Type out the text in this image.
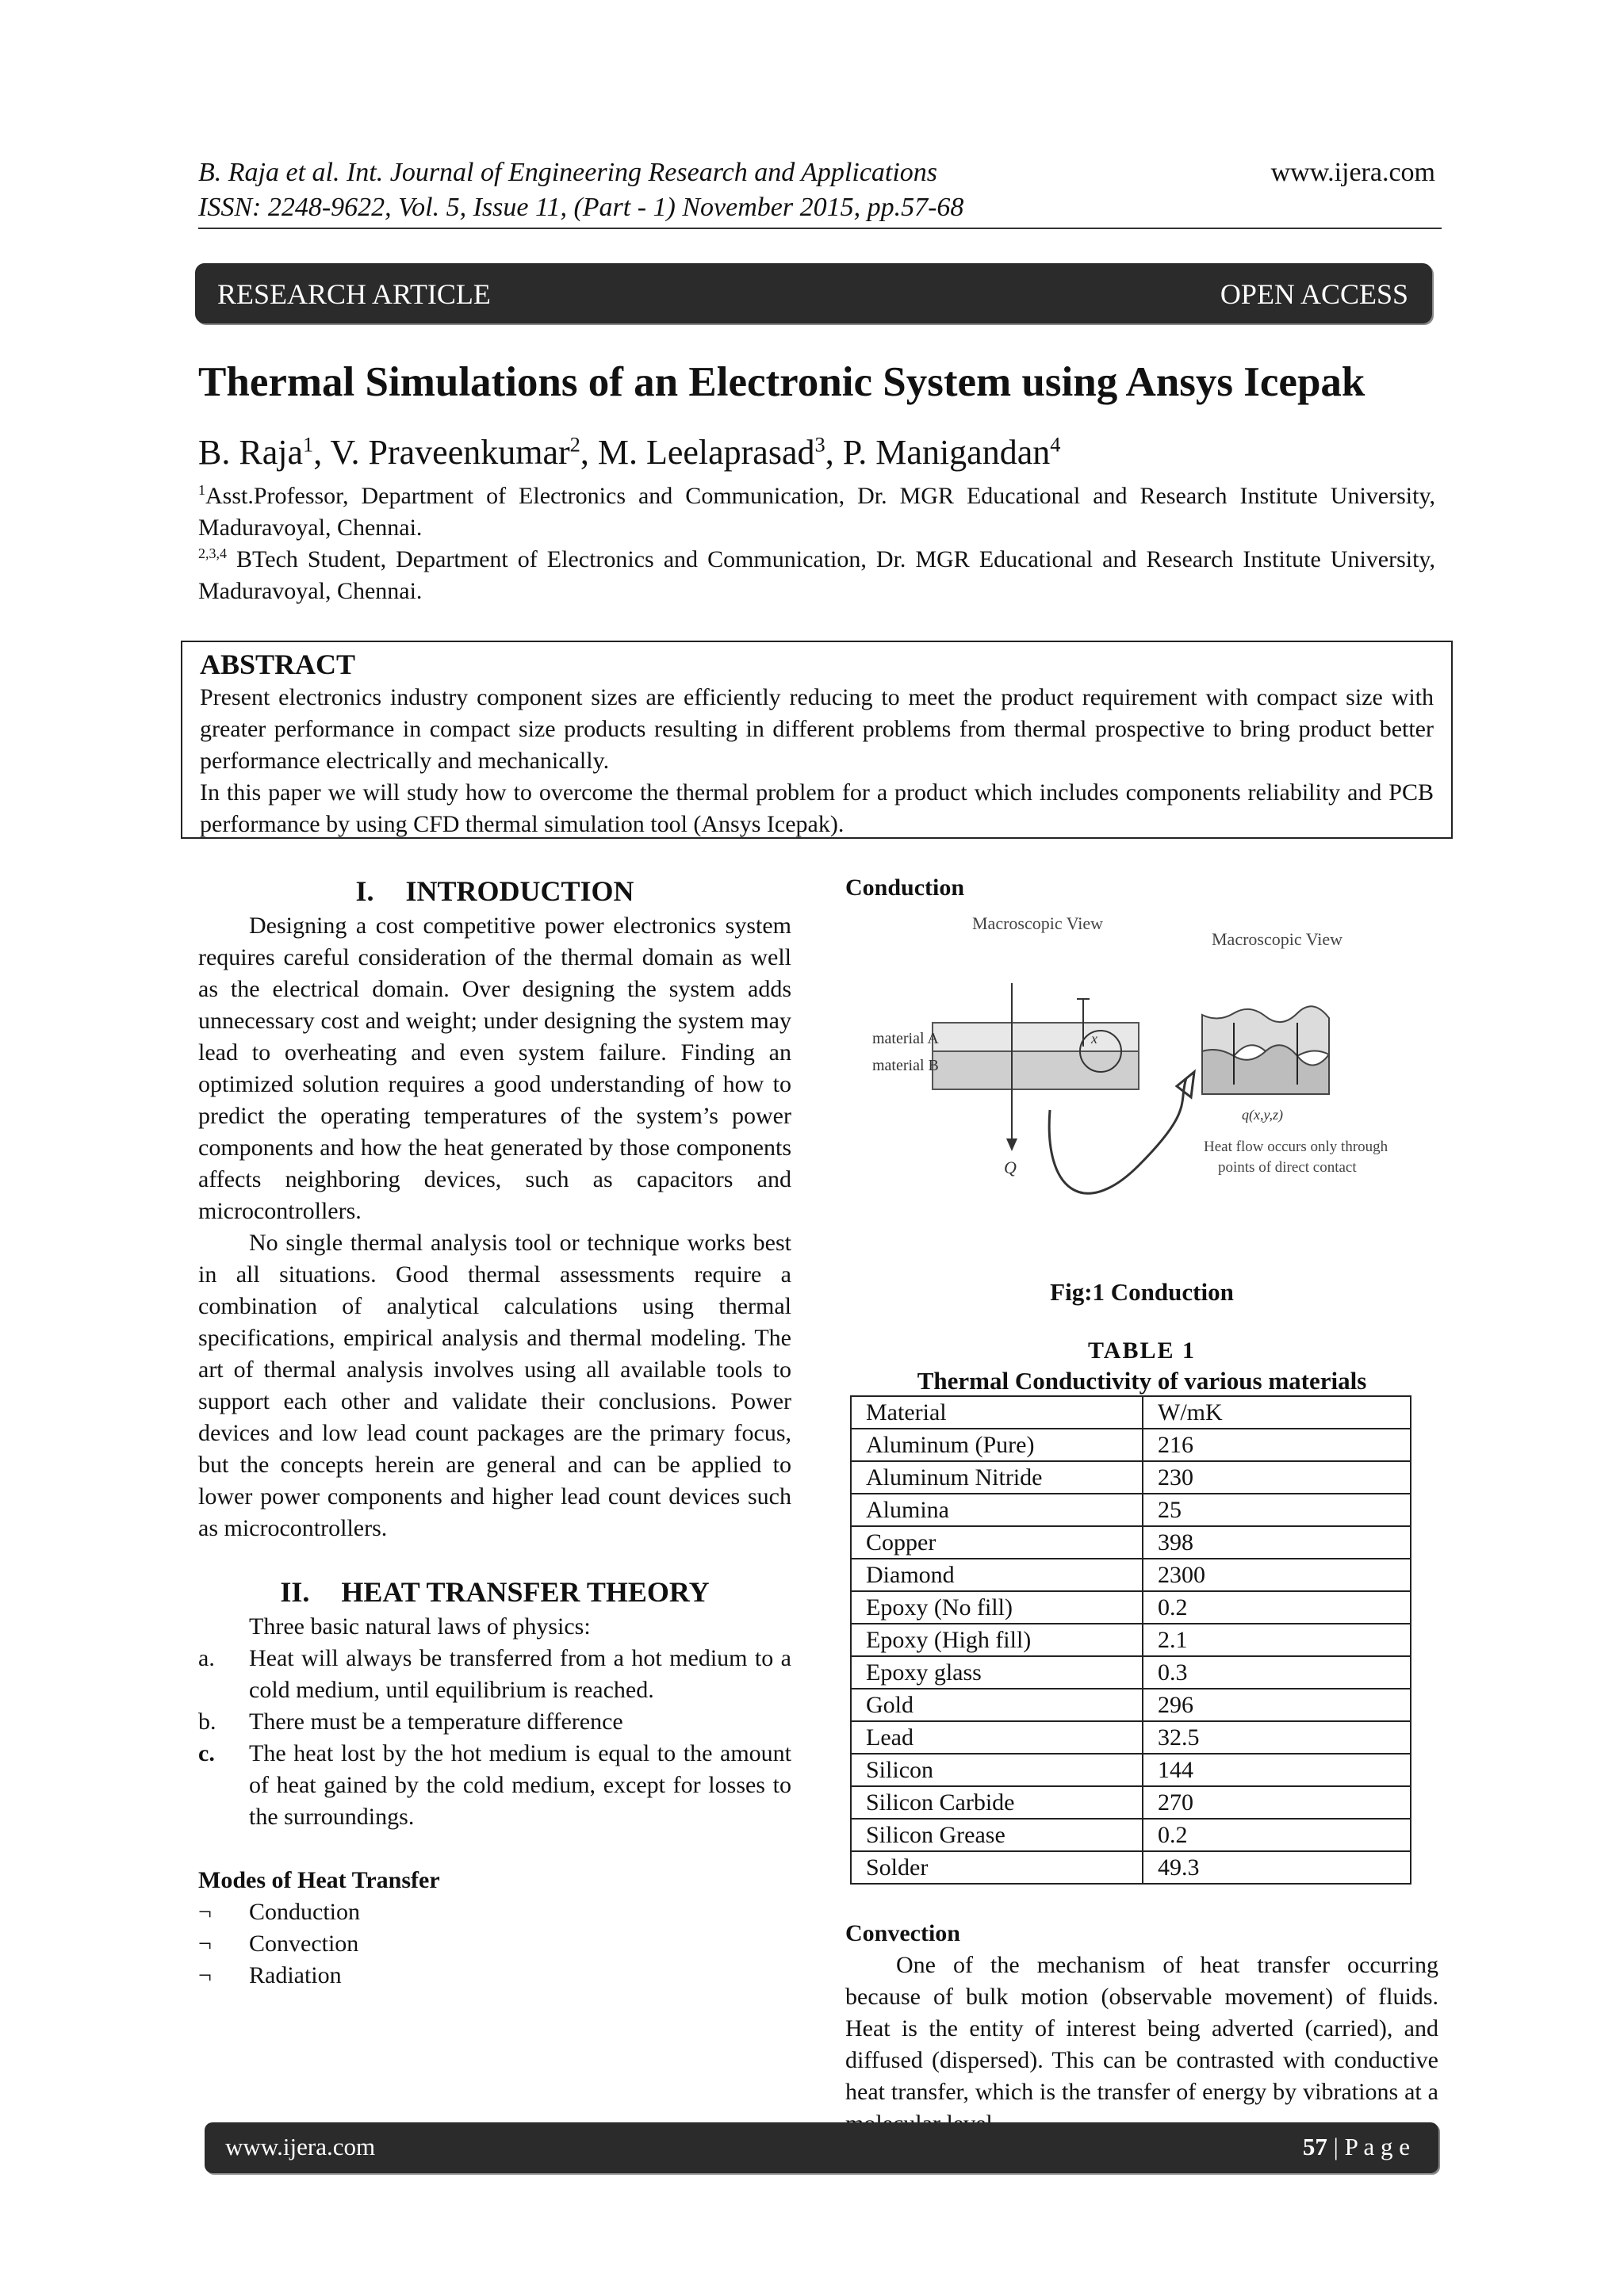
B. Raja et al. Int. Journal of Engineering Research and Applications
ISSN: 2248-9622, Vol. 5, Issue 11, (Part - 1) November 2015, pp.57-68
www.ijera.com
RESEARCH ARTICLE	OPEN ACCESS
Thermal Simulations of an Electronic System using Ansys Icepak
B. Raja$^1$, V. Praveenkumar$^2$, M. Leelaprasad$^3$, P. Manigandan$^4$
$^1$Asst.Professor, Department of Electronics and Communication, Dr. MGR Educational and Research Institute University, Maduravoyal, Chennai.
$^{2,3,4}$ BTech Student, Department of Electronics and Communication, Dr. MGR Educational and Research Institute University, Maduravoyal, Chennai.
ABSTRACT

Present electronics industry component sizes are efficiently reducing to meet the product requirement with compact size with greater performance in compact size products resulting in different problems from thermal prospective to bring product better performance electrically and mechanically.

In this paper we will study how to overcome the thermal problem for a product which includes components reliability and PCB performance by using CFD thermal simulation tool (Ansys Icepak).

I. INTRODUCTION

Designing a cost competitive power electronics system requires careful consideration of the thermal domain as well as the electrical domain. Over designing the system adds unnecessary cost and weight; under designing the system may lead to overheating and even system failure. Finding an optimized solution requires a good understanding of how to predict the operating temperatures of the system’s power components and how the heat generated by those components affects neighboring devices, such as capacitors and microcontrollers.

No single thermal analysis tool or technique works best in all situations. Good thermal assessments require a combination of analytical calculations using thermal specifications, empirical analysis and thermal modeling. The art of thermal analysis involves using all available tools to support each other and validate their conclusions. Power devices and low lead count packages are the primary focus, but the concepts herein are general and can be applied to lower power components and higher lead count devices such as microcontrollers.

II. HEAT TRANSFER THEORY

Three basic natural laws of physics:

a.	Heat will always be transferred from a hot medium to a cold medium, until equilibrium is reached.
b.	There must be a temperature difference
c.	The heat lost by the hot medium is equal to the amount of heat gained by the cold medium, except for losses to the surroundings.
Modes of Heat Transfer
¬	Conduction
¬	Convection
¬	Radiation
Conduction
Macroscopic View
material A
material B
Q
x
Macroscopic View
q(x,y,z)
Heat flow occurs only through
points of direct contact
Fig:1 Conduction
TABLE 1
Thermal Conductivity of various materials
Material	W/mK
Aluminum (Pure)	216
Aluminum Nitride	230
Alumina	25
Copper	398
Diamond	2300
Epoxy (No fill)	0.2
Epoxy (High fill)	2.1
Epoxy glass	0.3
Gold	296
Lead	32.5
Silicon	144
Silicon Carbide	270
Silicon Grease	0.2
Solder	49.3
Convection

One of the mechanism of heat transfer occurring because of bulk motion (observable movement) of fluids. Heat is the entity of interest being adverted (carried), and diffused (dispersed). This can be contrasted with conductive heat transfer, which is the transfer of energy by vibrations at a

www.ijera.com	57 | P a g e
